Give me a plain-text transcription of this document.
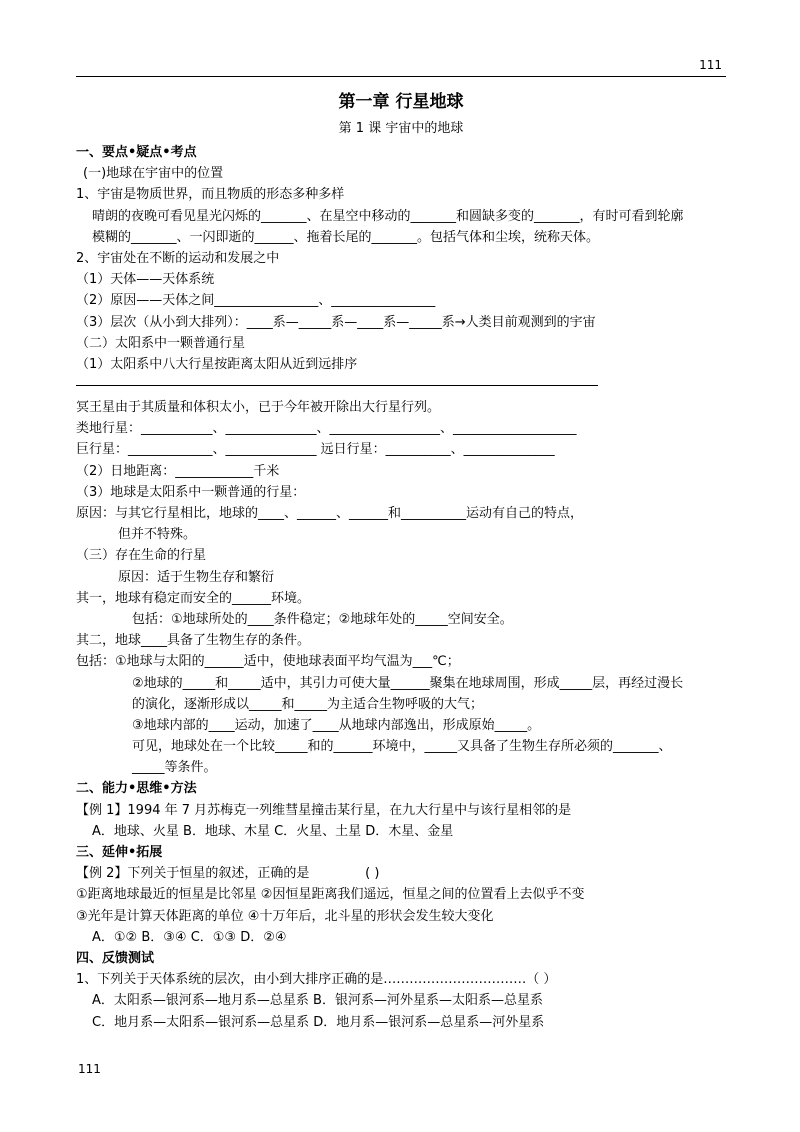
111
第一章 行星地球
第 1 课 宇宙中的地球
一、要点•疑点•考点
(一)地球在宇宙中的位置
1、宇宙是物质世界，而且物质的形态多种多样
晴朗的夜晚可看见星光闪烁的_______、在星空中移动的_______和圆缺多变的_______，有时可看到轮廓
模糊的_______、一闪即逝的______、拖着长尾的_______。包括气体和尘埃，统称天体。
2、宇宙处在不断的运动和发展之中
（1）天体——天体系统
（2）原因——天体之间________________、________________
（3）层次（从小到大排列）：____系—_____系—____系—_____系→人类目前观测到的宇宙
（二）太阳系中一颗普通行星
（1）太阳系中八大行星按距离太阳从近到远排序
冥王星由于其质量和体积太小，已于今年被开除出大行星行列。
类地行星：___________、______________、_________________、___________________
巨行星：_____________、______________ 远日行星：__________、______________
（2）日地距离：____________千米
（3）地球是太阳系中一颗普通的行星：
原因：与其它行星相比，地球的____、______、______和__________运动有自己的特点，
但并不特殊。
（三）存在生命的行星
原因：适于生物生存和繁衍
其一，地球有稳定而安全的______环境。
包括：①地球所处的____条件稳定；②地球年处的_____空间安全。
其二，地球____具备了生物生存的条件。
包括：①地球与太阳的______适中，使地球表面平均气温为___℃；
②地球的_____和_____适中，其引力可使大量______聚集在地球周围，形成_____层，再经过漫长
的演化，逐渐形成以_____和_____为主适合生物呼吸的大气；
③地球内部的____运动，加速了____从地球内部逸出，形成原始_____。
可见，地球处在一个比较_____和的______环境中，_____又具备了生物生存所必须的_______、
_____等条件。
二、能力•思维•方法
【例 1】1994 年 7 月苏梅克一列维彗星撞击某行星，在九大行星中与该行星相邻的是
A．地球、火星 B．地球、木星 C．火星、土星 D．木星、金星
三、延伸•拓展
【例 2】下列关于恒星的叙述，正确的是	( )
①距离地球最近的恒星是比邻星 ②因恒星距离我们遥远，恒星之间的位置看上去似乎不变
③光年是计算天体距离的单位 ④十万年后，北斗星的形状会发生较大变化
A．①② B．③④ C．①③ D．②④
四、反馈测试
1、下列关于天体系统的层次，由小到大排序正确的是……………………………（ ）
A．太阳系—银河系—地月系—总星系 B．银河系—河外星系—太阳系—总星系
C．地月系—太阳系—银河系—总星系 D．地月系—银河系—总星系—河外星系
111
